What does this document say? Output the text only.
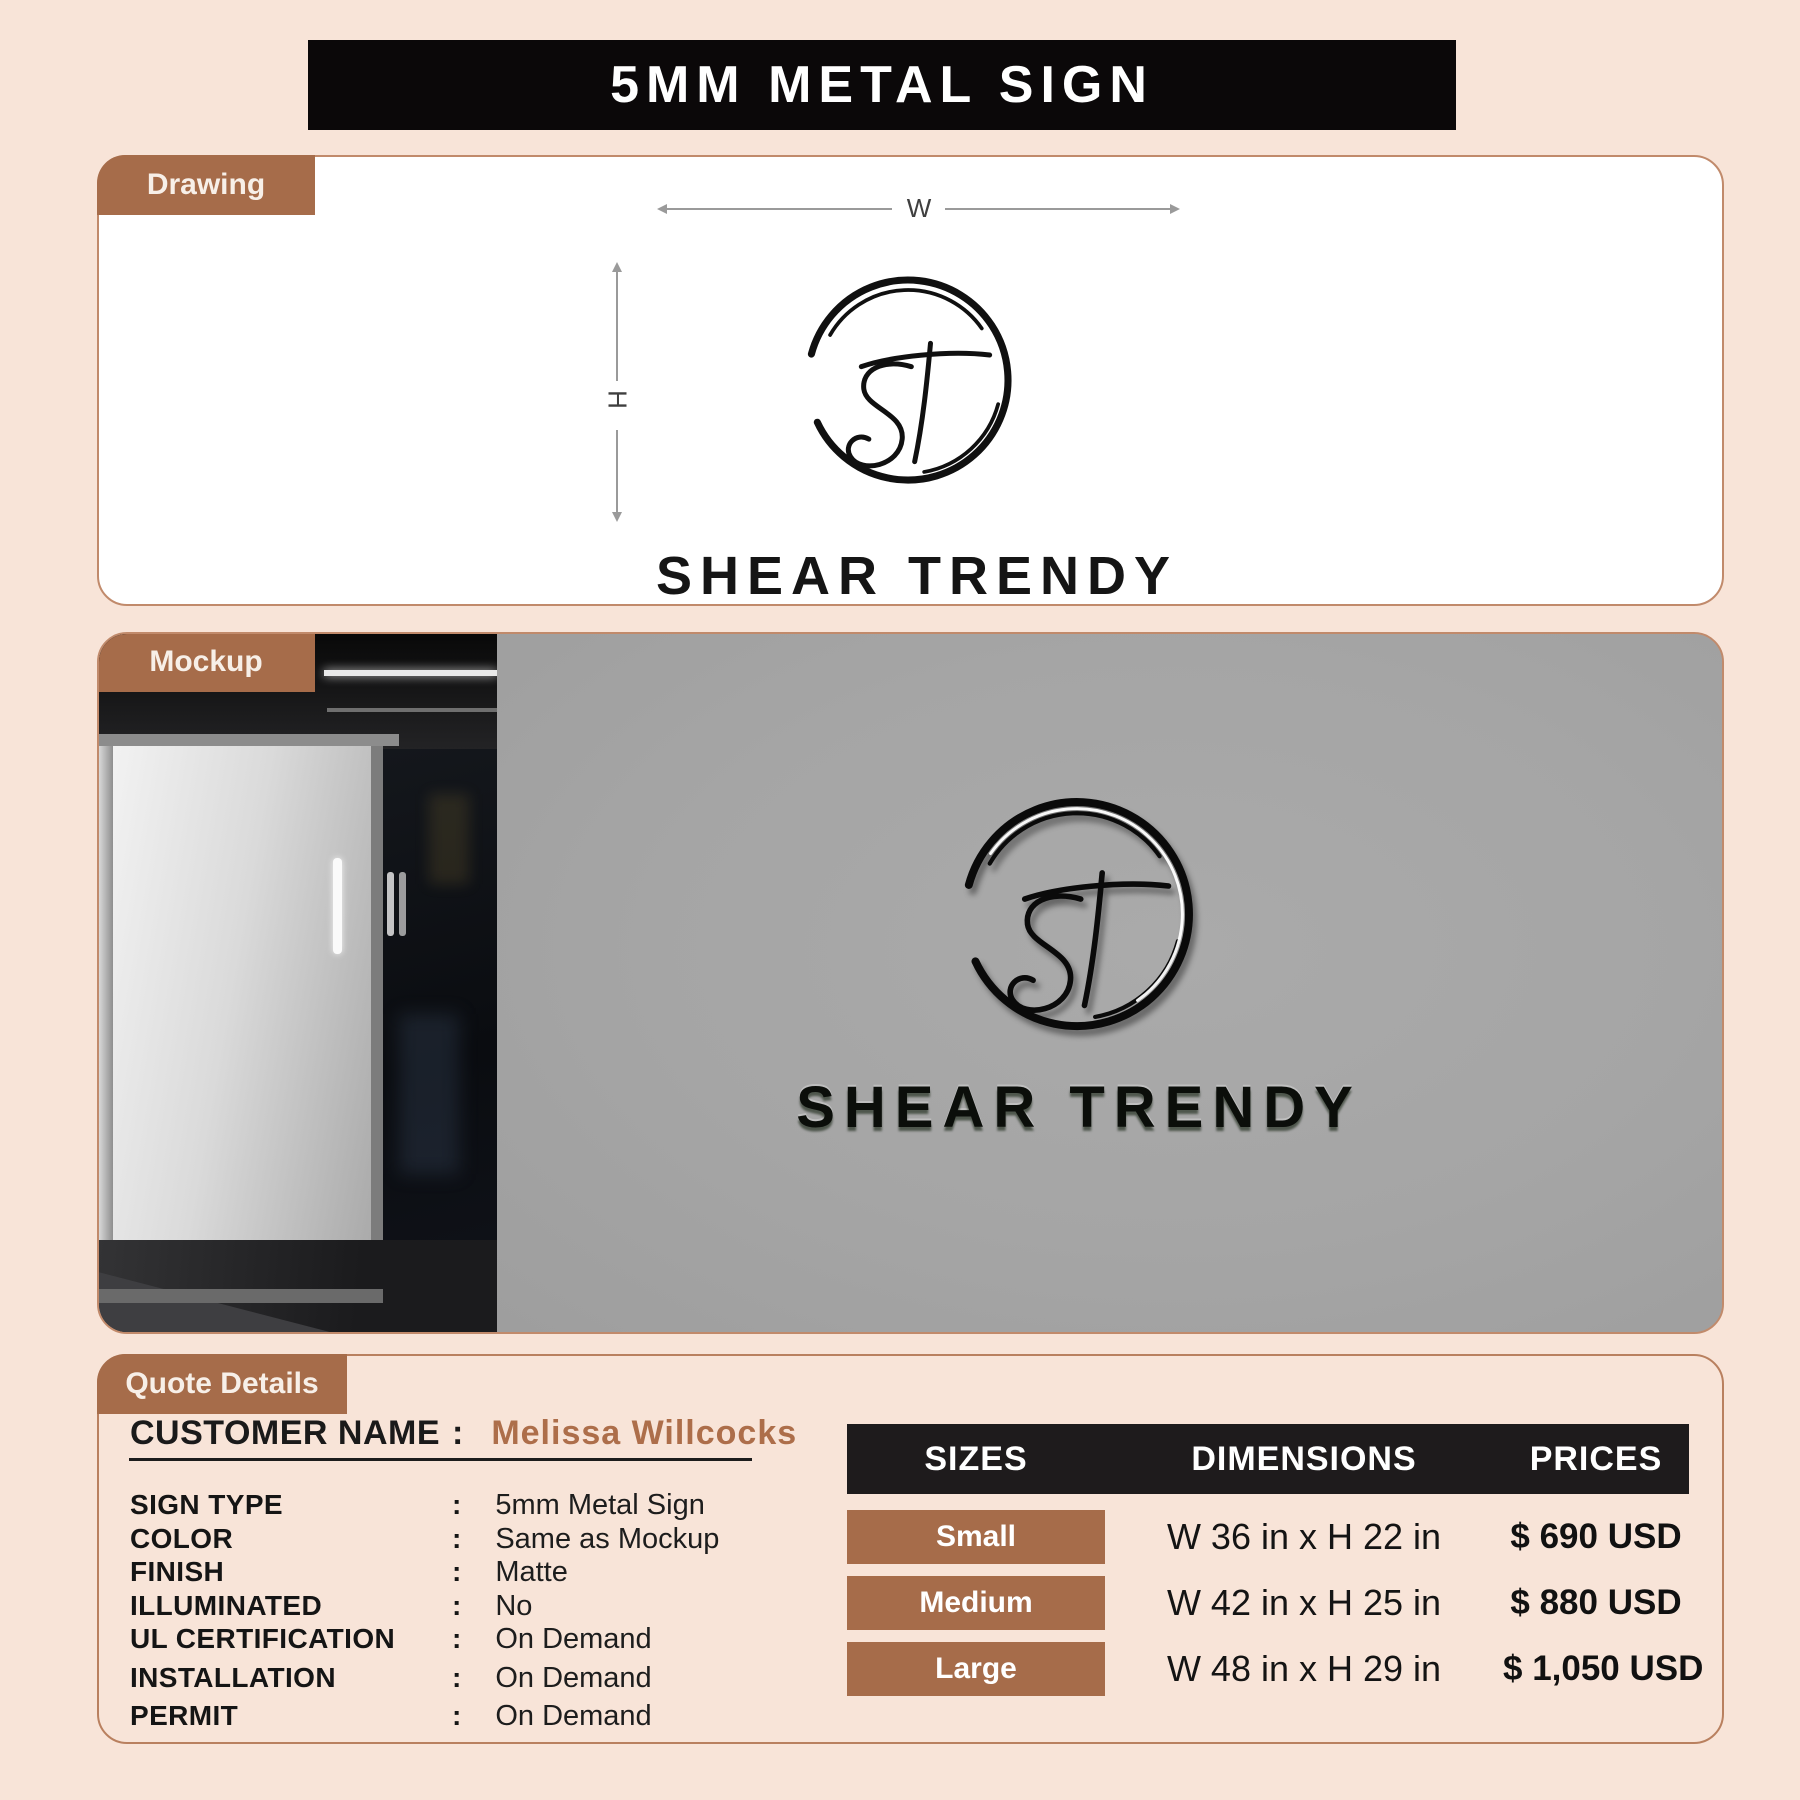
5MM METAL SIGN
Drawing
W
H
SHEAR TRENDY
SHEAR TRENDY
Mockup
Quote Details
CUSTOMER NAME : Melissa Willcocks
SIGN TYPE	: 5mm Metal Sign
COLOR	: Same as Mockup
FINISH	: Matte
ILLUMINATED	: No
UL CERTIFICATION	: On Demand
INSTALLATION	: On Demand
PERMIT	: On Demand
SIZES	DIMENSIONS	PRICES
Small	W 36 in x H 22 in	$ 690 USD
Medium	W 42 in x H 25 in	$ 880 USD
Large	W 48 in x H 29 in	$ 1,050 USD
